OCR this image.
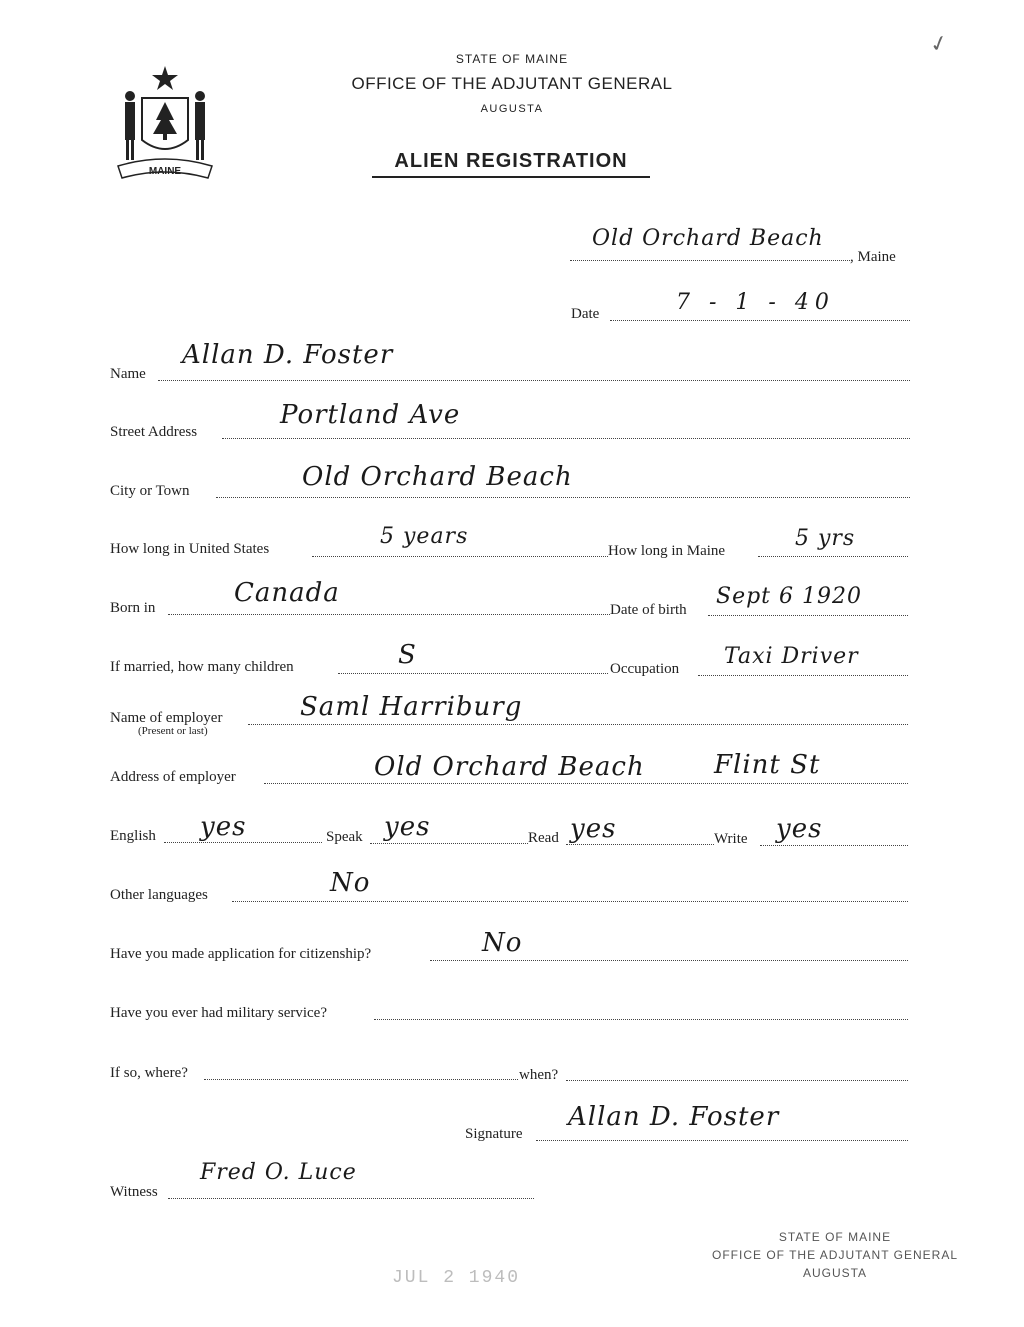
✓
MAINE
STATE OF MAINE
OFFICE OF THE ADJUTANT GENERAL
AUGUSTA
ALIEN REGISTRATION
Old Orchard Beach
, Maine
Date	7 - 1 - 40
Name
Allan D. Foster
Street Address
Portland Ave
City or Town	Old Orchard Beach
How long in United States	5 years
How long in Maine	5 yrs
Born in	Canada
Date of birth
Sept 6 1920
If married, how many children	S	Occupation Taxi Driver
Name of employer
(Present or last)
Saml Harriburg
Address of employer	Old Orchard Beach	Flint St
English yes	Speak yes	Read yes	Write yes
Other languages	No
Have you made application for citizenship?	No
Have you ever had military service?
If so, where?	when?
Signature
Allan D. Foster
Witness
Fred O. Luce
STATE OF MAINE
OFFICE OF THE ADJUTANT GENERAL
AUGUSTA
JUL 2 1940
